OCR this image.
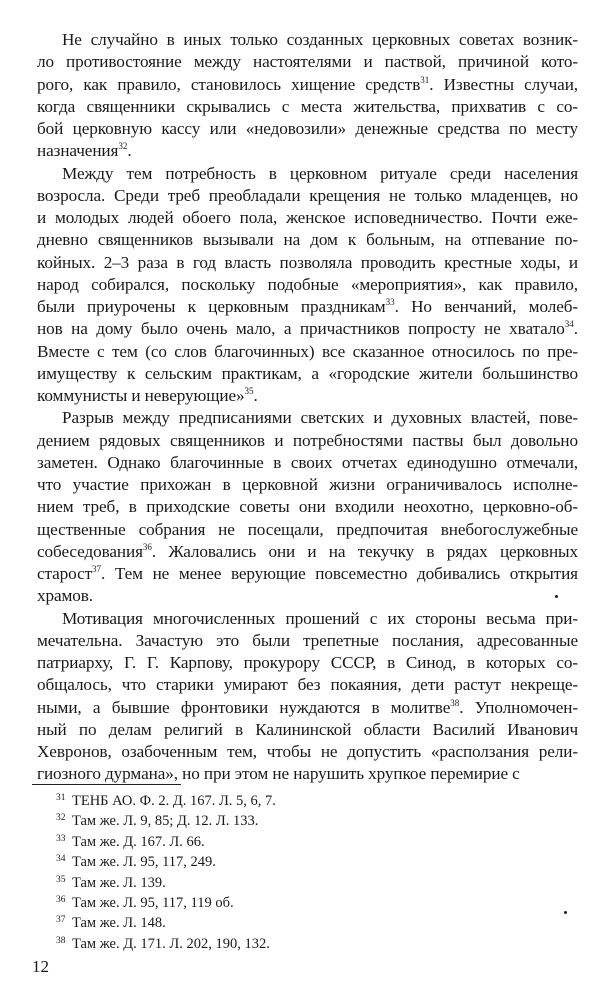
Не случайно в иных только созданных церковных советах возник-
ло противостояние между настоятелями и паствой, причиной кото-
рого, как правило, становилось хищение средств$^{31}$. Известны случаи,
когда священники скрывались с места жительства, прихватив с со-
бой церковную кассу или «недовозили» денежные средства по месту
назначения$^{32}$.
Между тем потребность в церковном ритуале среди населения
возросла. Среди треб преобладали крещения не только младенцев, но
и молодых людей обоего пола, женское исповедничество. Почти еже-
дневно священников вызывали на дом к больным, на отпевание по-
койных. 2–3 раза в год власть позволяла проводить крестные ходы, и
народ собирался, поскольку подобные «мероприятия», как правило,
были приурочены к церковным праздникам$^{33}$. Но венчаний, молеб-
нов на дому было очень мало, а причастников попросту не хватало$^{34}$.
Вместе с тем (со слов благочинных) все сказанное относилось по пре-
имуществу к сельским практикам, а «городские жители большинство
коммунисты и неверующие»$^{35}$.
Разрыв между предписаниями светских и духовных властей, пове-
дением рядовых священников и потребностями паствы был довольно
заметен. Однако благочинные в своих отчетах единодушно отмечали,
что участие прихожан в церковной жизни ограничивалось исполне-
нием треб, в приходские советы они входили неохотно, церковно-об-
щественные собрания не посещали, предпочитая внебогослужебные
собеседования$^{36}$. Жаловались они и на текучку в рядах церковных
старост$^{37}$. Тем не менее верующие повсеместно добивались открытия
храмов.
Мотивация многочисленных прошений с их стороны весьма при-
мечательна. Зачастую это были трепетные послания, адресованные
патриарху, Г. Г. Карпову, прокурору СССР, в Синод, в которых со-
общалось, что старики умирают без покаяния, дети растут некреще-
ными, а бывшие фронтовики нуждаются в молитве$^{38}$. Уполномочен-
ный по делам религий в Калининской области Василий Иванович
Хевронов, озабоченным тем, чтобы не допустить «расползания рели-
гиозного дурмана», но при этом не нарушить хрупкое перемирие с
31 ТЕНБ АО. Ф. 2. Д. 167. Л. 5, 6, 7.
32 Там же. Л. 9, 85; Д. 12. Л. 133.
33 Там же. Д. 167. Л. 66.
34 Там же. Л. 95, 117, 249.
35 Там же. Л. 139.
36 Там же. Л. 95, 117, 119 об.
37 Там же. Л. 148.
38 Там же. Д. 171. Л. 202, 190, 132.
12
